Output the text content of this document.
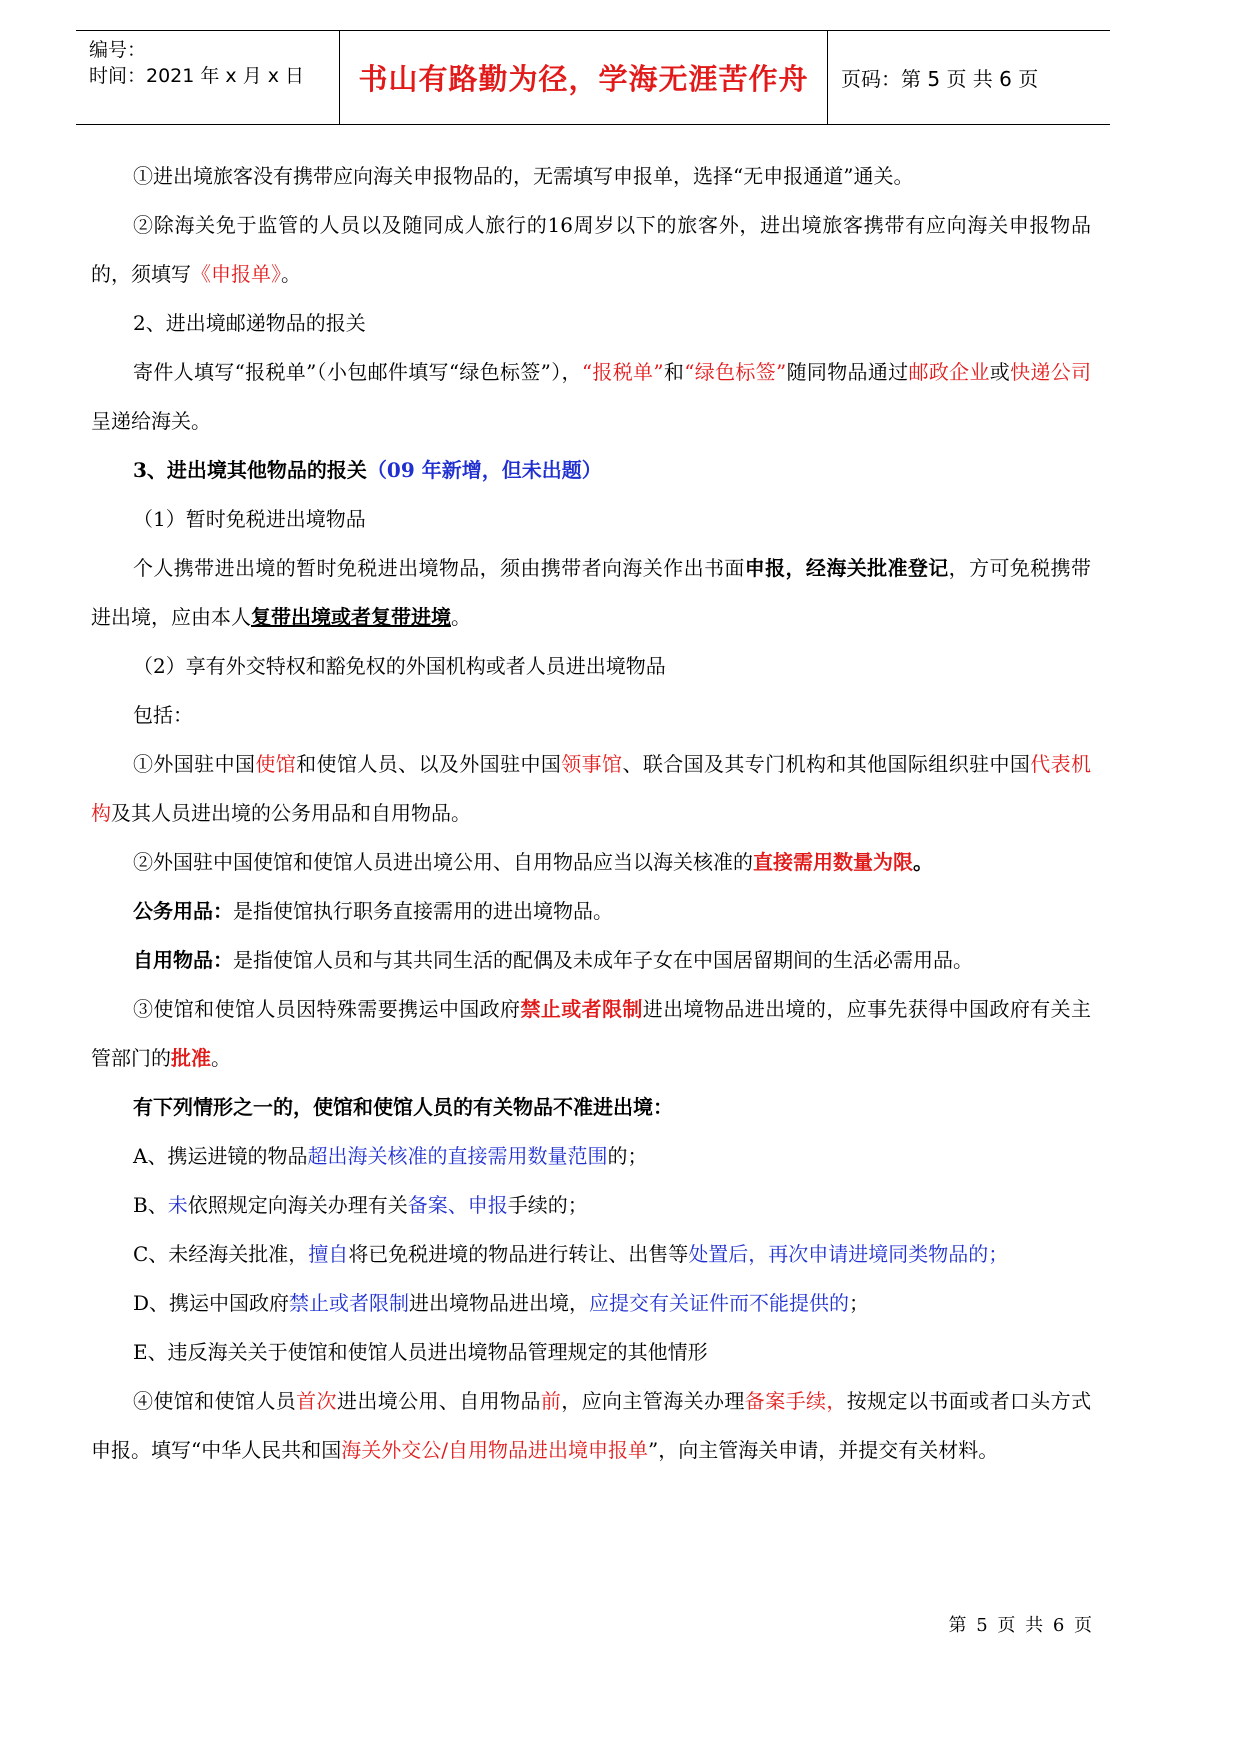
编号：
时间：2021 年 x 月 x 日 书山有路勤为径，学海无涯苦作舟 页码：第 5 页 共 6 页

①进出境旅客没有携带应向海关申报物品的，无需填写申报单，选择“无申报通道”通关。

②除海关免于监管的人员以及随同成人旅行的16周岁以下的旅客外，进出境旅客携带有应向海关申报物品的，须填写《申报单》。

2、进出境邮递物品的报关

寄件人填写“报税单”（小包邮件填写“绿色标签”），“报税单”和“绿色标签”随同物品通过邮政企业或快递公司呈递给海关。

3、进出境其他物品的报关（09 年新增，但未出题）

（1）暂时免税进出境物品

个人携带进出境的暂时免税进出境物品，须由携带者向海关作出书面申报，经海关批准登记，方可免税携带进出境，应由本人复带出境或者复带进境。

（2）享有外交特权和豁免权的外国机构或者人员进出境物品

包括：

①外国驻中国使馆和使馆人员、以及外国驻中国领事馆、联合国及其专门机构和其他国际组织驻中国代表机构及其人员进出境的公务用品和自用物品。

②外国驻中国使馆和使馆人员进出境公用、自用物品应当以海关核准的直接需用数量为限。

公务用品：是指使馆执行职务直接需用的进出境物品。

自用物品：是指使馆人员和与其共同生活的配偶及未成年子女在中国居留期间的生活必需用品。

③使馆和使馆人员因特殊需要携运中国政府禁止或者限制进出境物品进出境的，应事先获得中国政府有关主管部门的批准。

有下列情形之一的，使馆和使馆人员的有关物品不准进出境：

A、携运进镜的物品超出海关核准的直接需用数量范围的；

B、未依照规定向海关办理有关备案、申报手续的；

C、未经海关批准，擅自将已免税进境的物品进行转让、出售等处置后，再次申请进境同类物品的；

D、携运中国政府禁止或者限制进出境物品进出境，应提交有关证件而不能提供的；

E、违反海关关于使馆和使馆人员进出境物品管理规定的其他情形

④使馆和使馆人员首次进出境公用、自用物品前，应向主管海关办理备案手续，按规定以书面或者口头方式申报。填写“中华人民共和国海关外交公/自用物品进出境申报单”，向主管海关申请，并提交有关材料。

第 5 页 共 6 页
